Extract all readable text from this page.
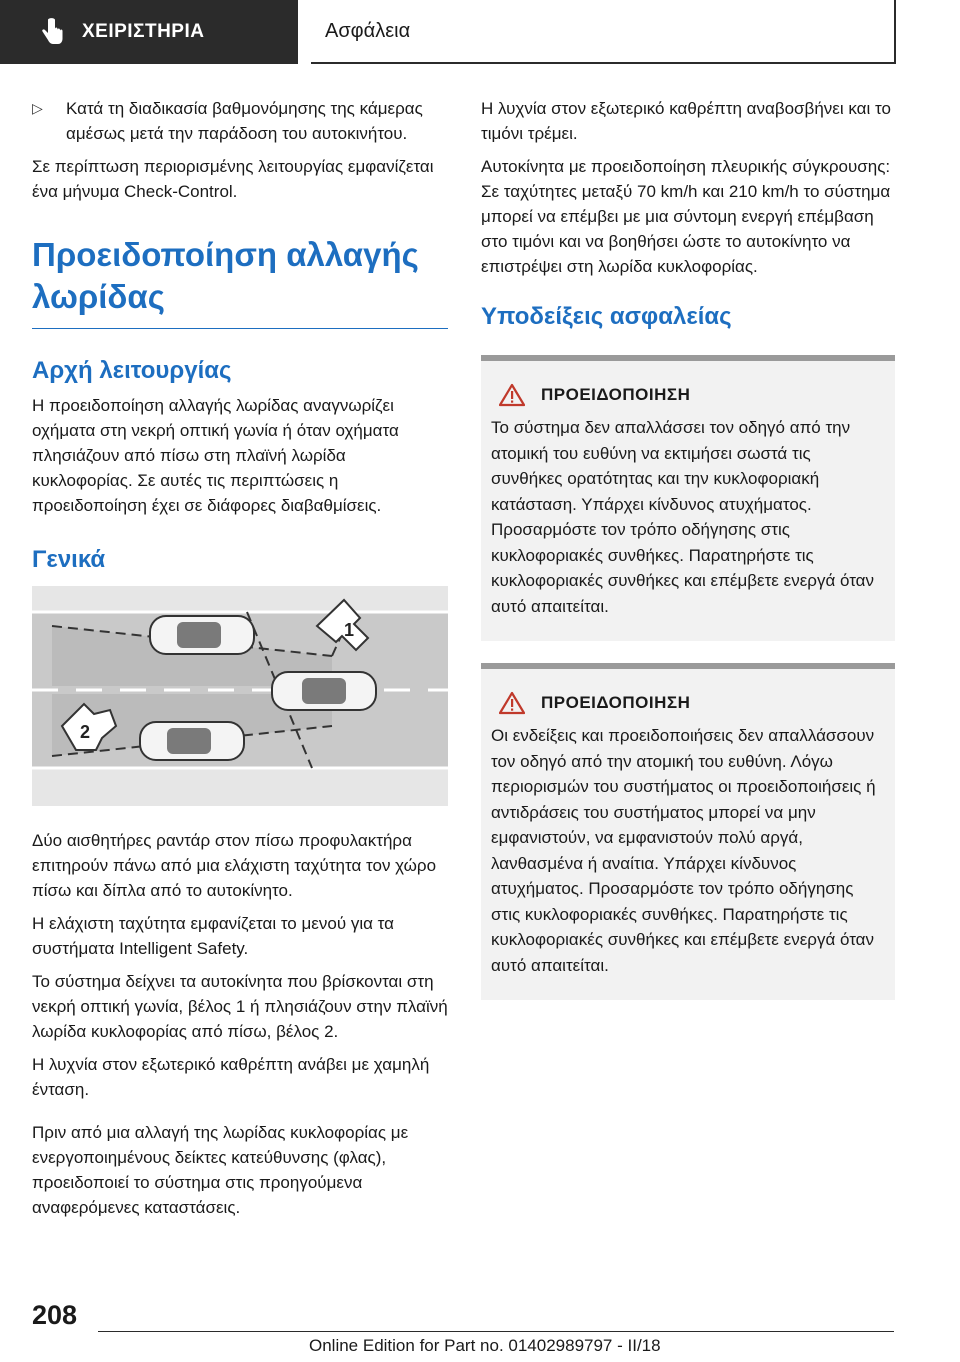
ΧΕΙΡΙΣΤΗΡΙΑ	Ασφάλεια
▷	Κατά τη διαδικασία βαθμονόμησης της κάμερας αμέσως μετά την παράδοση του αυτοκινήτου.

Σε περίπτωση περιορισμένης λειτουργίας εμφανίζεται ένα μήνυμα Check-Control.

Προειδοποίηση αλλαγής λωρίδας
Αρχή λειτουργίας

Η προειδοποίηση αλλαγής λωρίδας αναγνωρίζει οχήματα στη νεκρή οπτική γωνία ή όταν οχήματα πλησιάζουν από πίσω στη πλαϊνή λωρίδα κυκλοφορίας. Σε αυτές τις περιπτώσεις η προειδοποίηση έχει σε διάφορες διαβαθμίσεις.

Γενικά
1
2

Δύο αισθητήρες ραντάρ στον πίσω προφυλακτήρα επιτηρούν πάνω από μια ελάχιστη ταχύτητα τον χώρο πίσω και δίπλα από το αυτοκίνητο.

Η ελάχιστη ταχύτητα εμφανίζεται το μενού για τα συστήματα Intelligent Safety.

Το σύστημα δείχνει τα αυτοκίνητα που βρίσκονται στη νεκρή οπτική γωνία, βέλος 1 ή πλησιάζουν στην πλαϊνή λωρίδα κυκλοφορίας από πίσω, βέλος 2.

Η λυχνία στον εξωτερικό καθρέπτη ανάβει με χαμηλή ένταση.

Πριν από μια αλλαγή της λωρίδας κυκλοφορίας με ενεργοποιημένους δείκτες κατεύθυνσης (φλας), προειδοποιεί το σύστημα στις προηγούμενα αναφερόμενες καταστάσεις.

Η λυχνία στον εξωτερικό καθρέπτη αναβοσβήνει και το τιμόνι τρέμει.

Αυτοκίνητα με προειδοποίηση πλευρικής σύγκρουσης: Σε ταχύτητες μεταξύ 70 km/h και 210 km/h το σύστημα μπορεί να επέμβει με μια σύντομη ενεργή επέμβαση στο τιμόνι και να βοηθήσει ώστε το αυτοκίνητο να επιστρέψει στη λωρίδα κυκλοφορίας.

Υποδείξεις ασφαλείας
ΠΡΟΕΙΔΟΠΟΙΗΣΗ
Το σύστημα δεν απαλλάσσει τον οδηγό από την ατομική του ευθύνη να εκτιμήσει σωστά τις συνθήκες ορατότητας και την κυκλοφοριακή κατάσταση. Υπάρχει κίνδυνος ατυχήματος. Προσαρμόστε τον τρόπο οδήγησης στις κυκλοφοριακές συνθήκες. Παρατηρήστε τις κυκλοφοριακές συνθήκες και επέμβετε ενεργά όταν αυτό απαιτείται.
ΠΡΟΕΙΔΟΠΟΙΗΣΗ
Οι ενδείξεις και προειδοποιήσεις δεν απαλλάσσουν τον οδηγό από την ατομική του ευθύνη. Λόγω περιορισμών του συστήματος οι προειδοποιήσεις ή αντιδράσεις του συστήματος μπορεί να μην εμφανιστούν, να εμφανιστούν πολύ αργά, λανθασμένα ή αναίτια. Υπάρχει κίνδυνος ατυχήματος. Προσαρμόστε τον τρόπο οδήγησης στις κυκλοφοριακές συνθήκες. Παρατηρήστε τις κυκλοφοριακές συνθήκες και επέμβετε ενεργά όταν αυτό απαιτείται.
208
Online Edition for Part no. 01402989797 - II/18
